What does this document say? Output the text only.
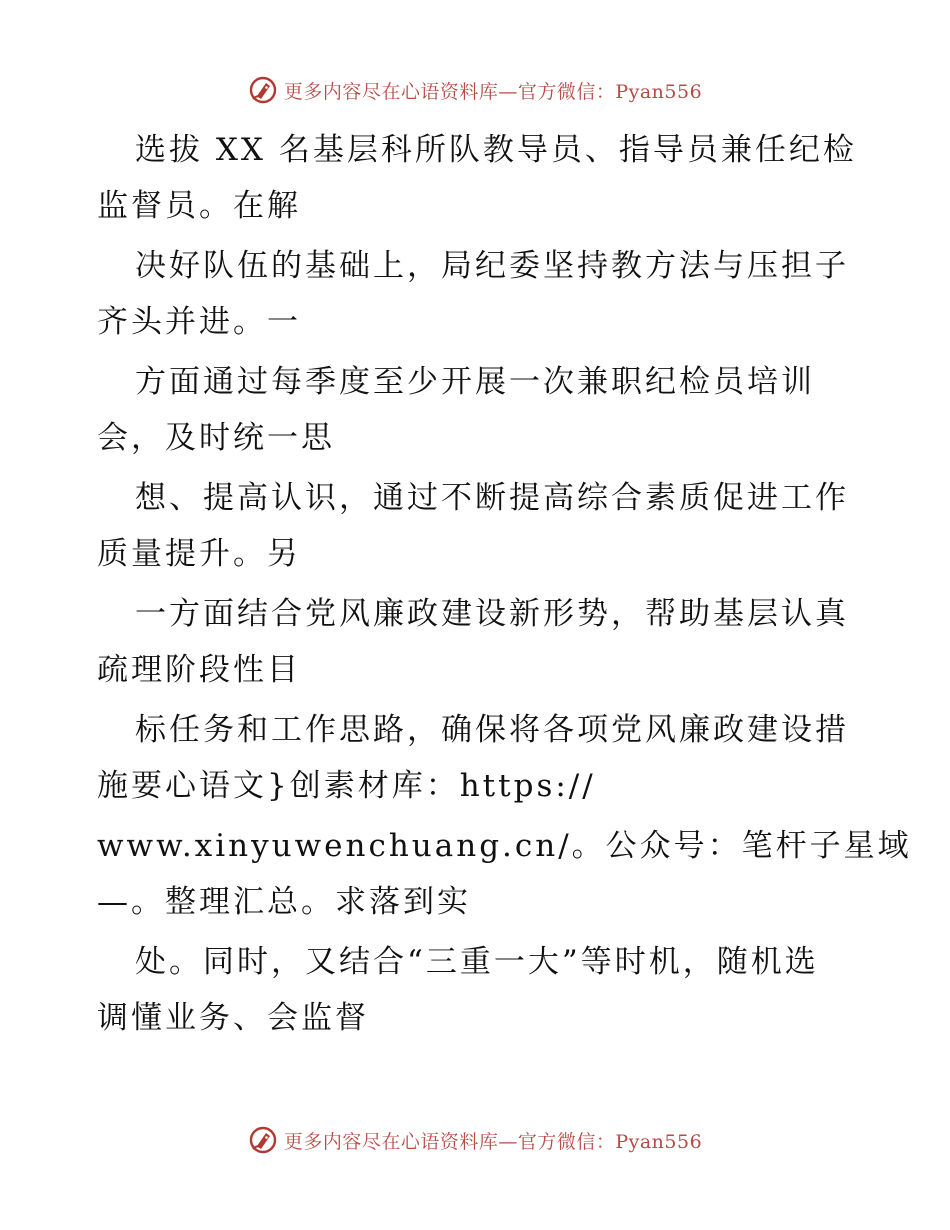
更多内容尽在心语资料库—官方微信：Pyan556
选拔 XX 名基层科所队教导员、指导员兼任纪检
监督员。在解
决好队伍的基础上，局纪委坚持教方法与压担子
齐头并进。一
方面通过每季度至少开展一次兼职纪检员培训
会，及时统一思
想、提高认识，通过不断提高综合素质促进工作
质量提升。另
一方面结合党风廉政建设新形势，帮助基层认真
疏理阶段性目
标任务和工作思路，确保将各项党风廉政建设措
施要心语文}创素材库：https://
www.xinyuwenchuang.cn/。公众号：笔杆子星域
—。整理汇总。求落到实
处。同时，又结合“三重一大”等时机，随机选
调懂业务、会监督
更多内容尽在心语资料库—官方微信：Pyan556
